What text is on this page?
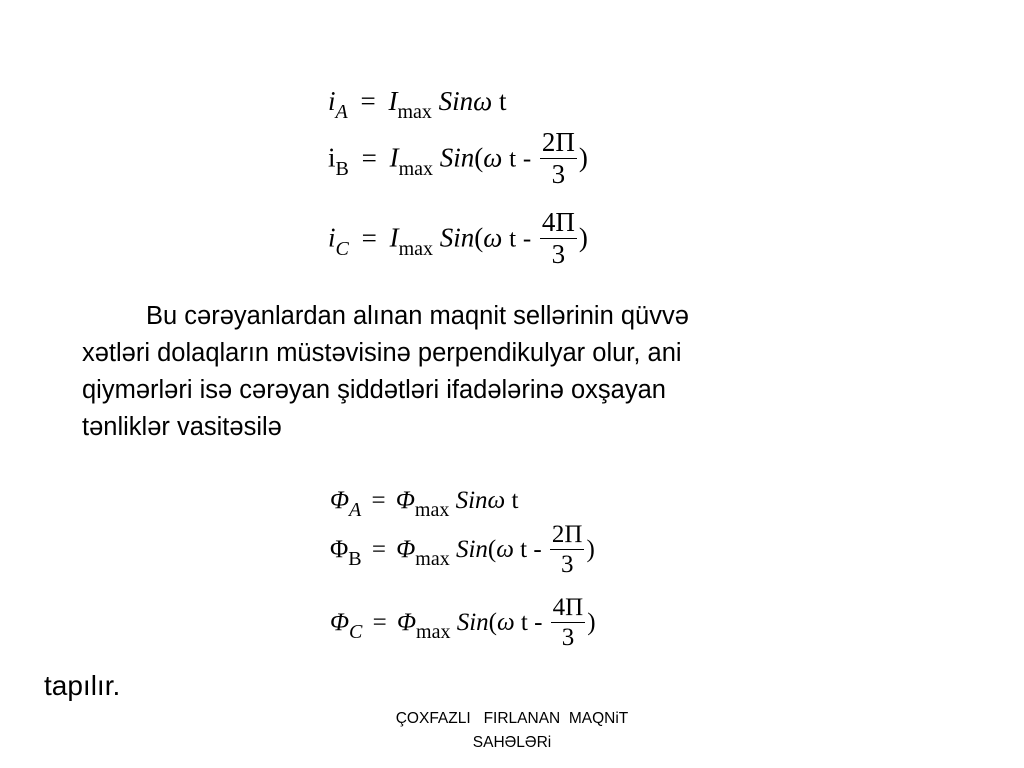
$i_A = I_{max}$ Sinω t
$i_B = I_{max}$ Sin(ω t - $\frac{2\Pi}{3}$ )
$i_C = I_{max}$ Sin(ω t - $\frac{4\Pi}{3}$ )
Bu cərəyanlardan alınan maqnit sellərinin qüvvə
xətləri dolaqların müstəvisinə perpendikulyar olur, ani
qiymərləri isə cərəyan şiddətləri ifadələrinə oxşayan
tənliklər vasitəsilə
$\Phi_A = \Phi_{max}$ Sinω t
$\Phi_B = \Phi_{max}$ Sin(ω t - $\frac{2\Pi}{3}$ )
$\Phi_C = \Phi_{max}$ Sin(ω t - $\frac{4\Pi}{3}$ )
tapılır.
ÇOXFAZLI   FIRLANAN  MAQNiT
SAHƏLƏRi
